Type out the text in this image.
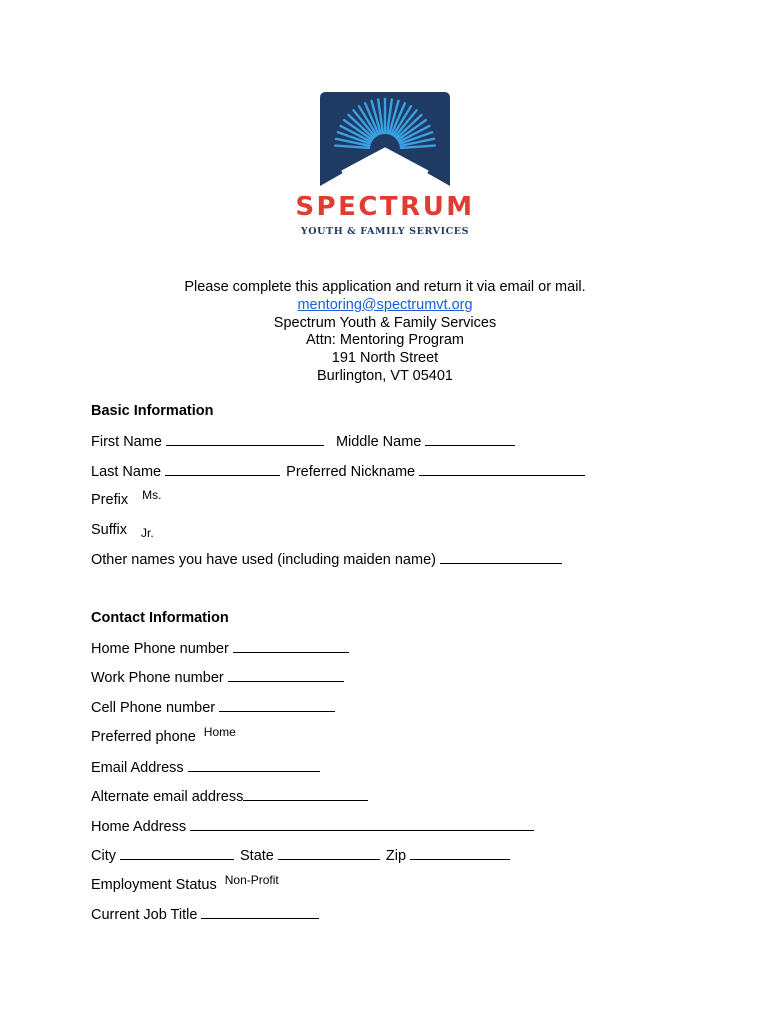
SPECTRUM
YOUTH & FAMILY SERVICES
Please complete this application and return it via email or mail.
mentoring@spectrumvt.org
Spectrum Youth & Family Services
Attn: Mentoring Program
191 North Street
Burlington, VT 05401
Basic Information
First Name	Middle Name
Last Name	Preferred Nickname
Prefix $^{Ms.}$
Suffix $_{Jr.}$
Other names you have used (including maiden name)
Contact Information
Home Phone number
Work Phone number
Cell Phone number
Preferred phone $^{Home}$
Email Address
Alternate email address
Home Address
City	State	Zip
Employment Status $^{Non-Profit}$
Current Job Title
